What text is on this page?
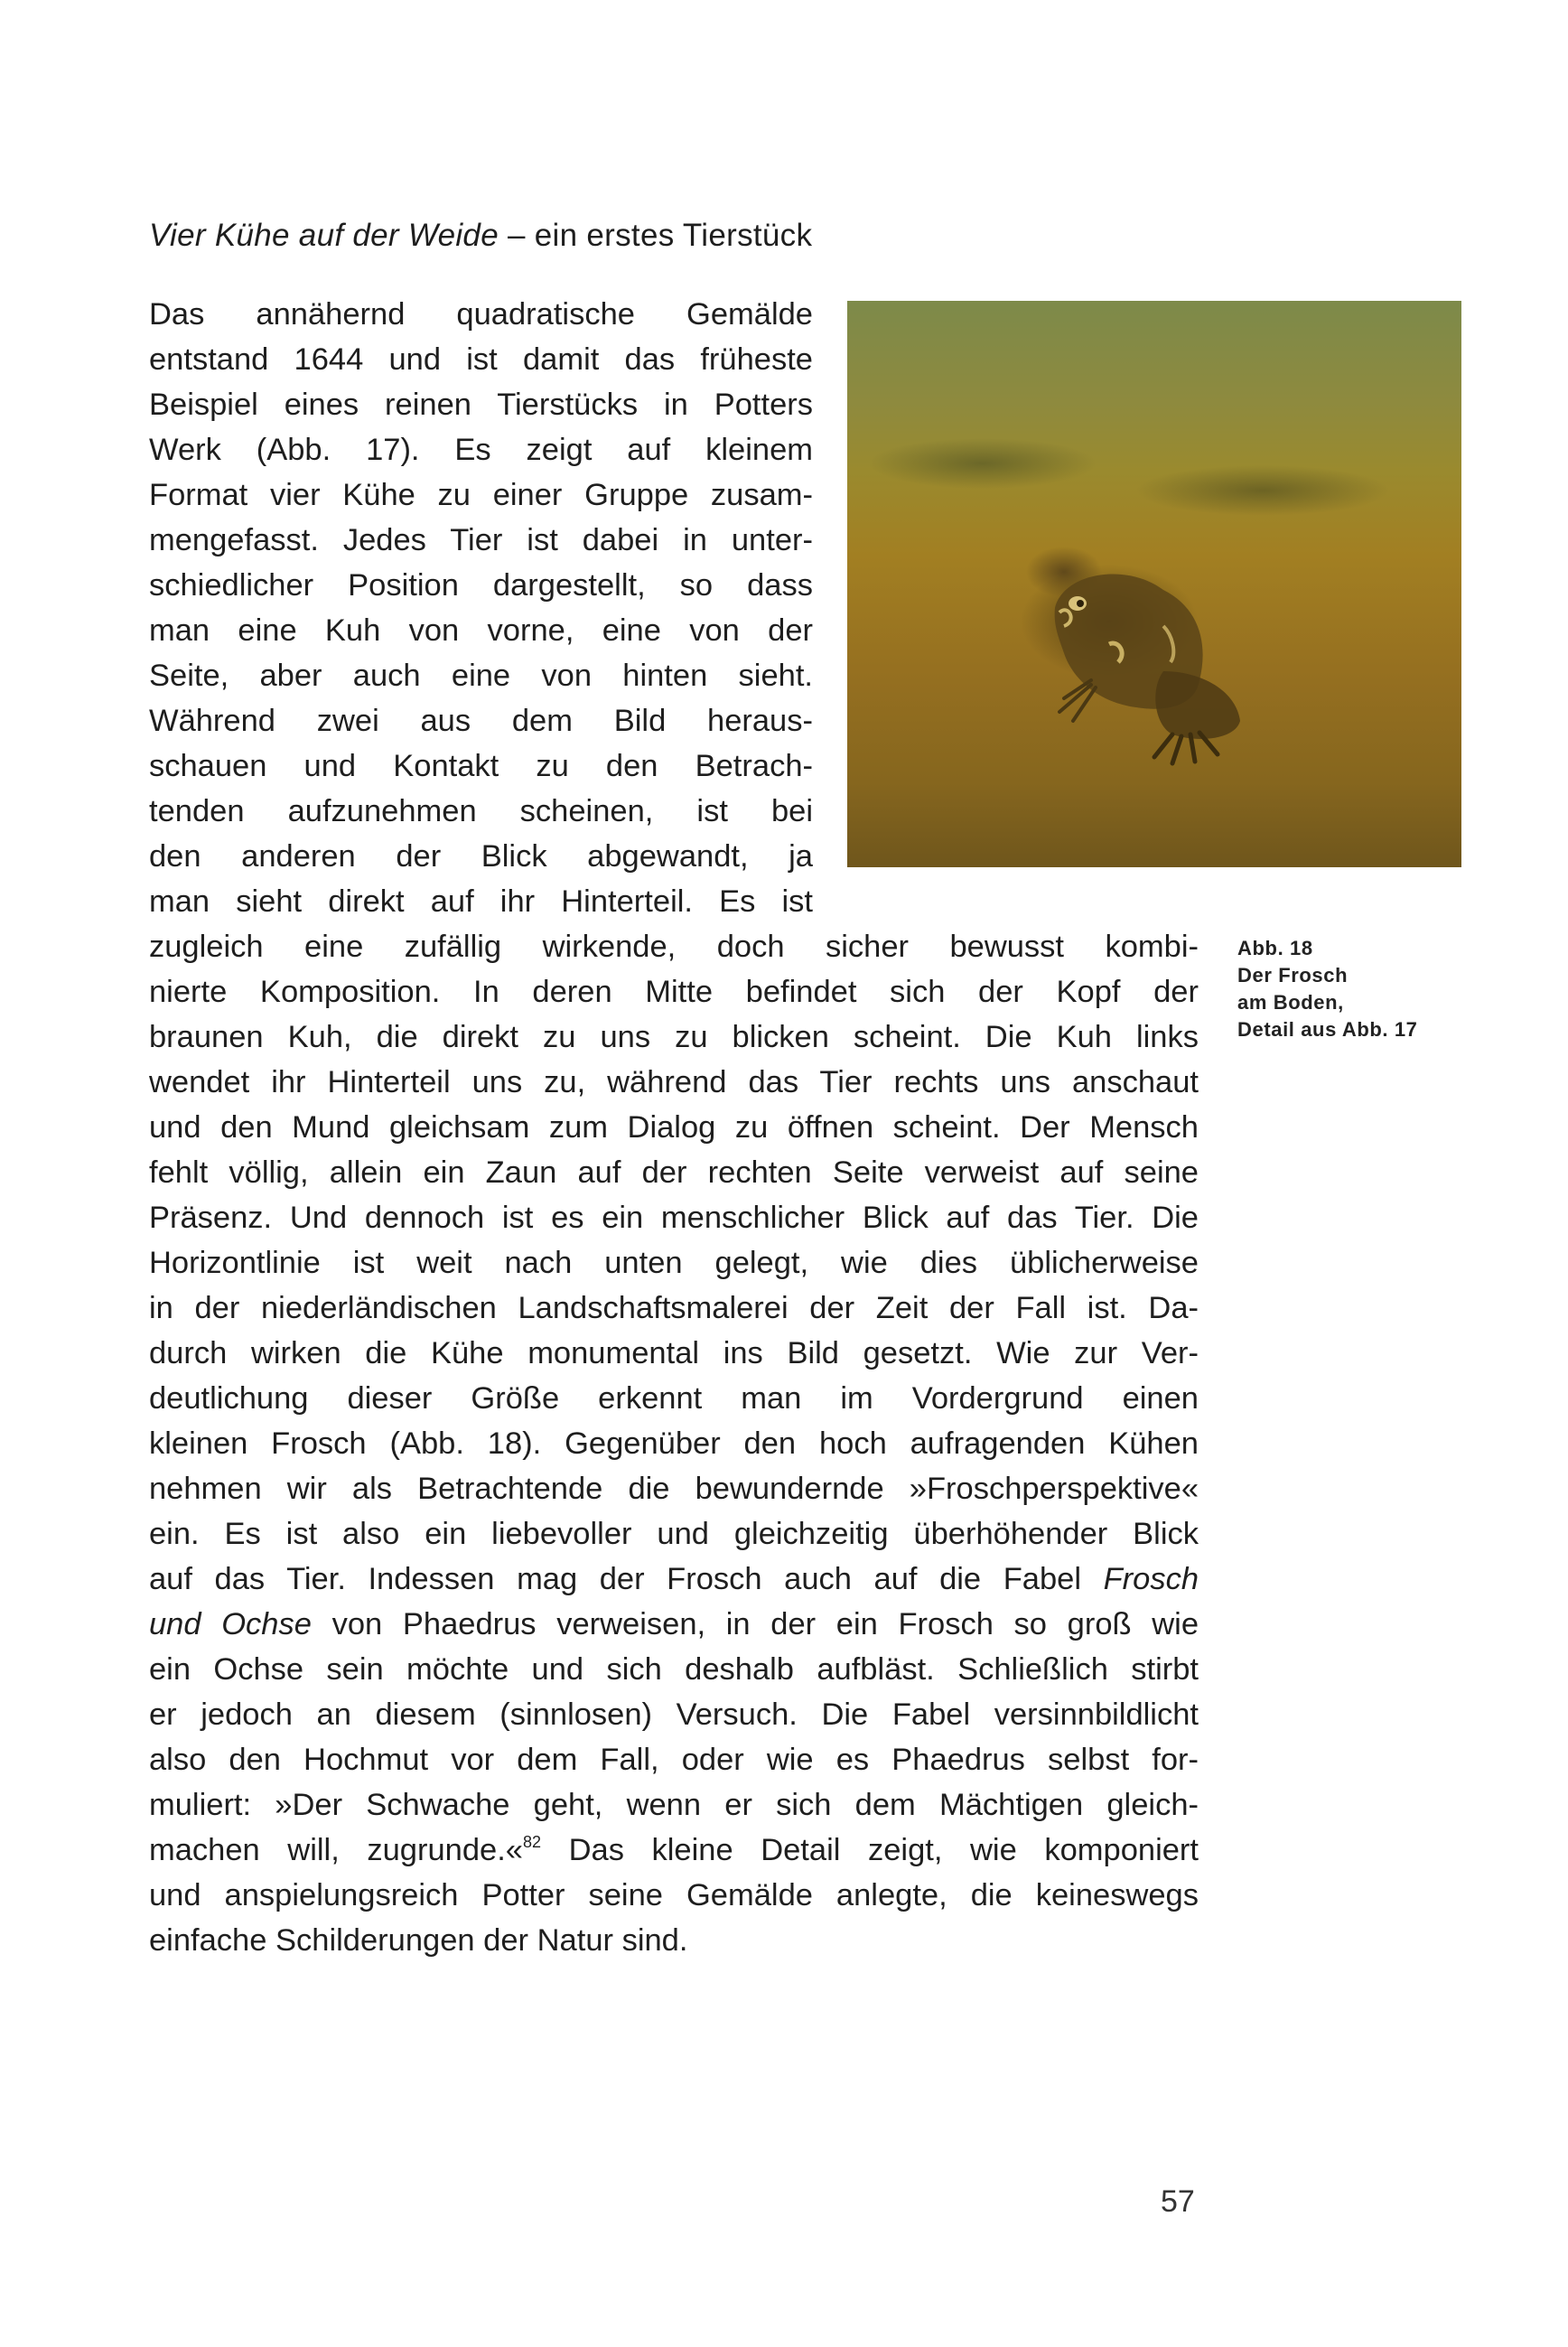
Vier Kühe auf der Weide – ein erstes Tierstück
Das annähernd quadratische Gemälde
entstand 1644 und ist damit das früheste
Beispiel eines reinen Tierstücks in Potters
Werk (Abb. 17). Es zeigt auf kleinem
Format vier Kühe zu einer Gruppe zusam-
mengefasst. Jedes Tier ist dabei in unter-
schiedlicher Position dargestellt, so dass
man eine Kuh von vorne, eine von der
Seite, aber auch eine von hinten sieht.
Während zwei aus dem Bild heraus-
schauen und Kontakt zu den Betrach-
tenden aufzunehmen scheinen, ist bei
den anderen der Blick abgewandt, ja
man sieht direkt auf ihr Hinterteil. Es ist
zugleich eine zufällig wirkende, doch sicher bewusst kombi-
nierte Komposition. In deren Mitte befindet sich der Kopf der
braunen Kuh, die direkt zu uns zu blicken scheint. Die Kuh links
wendet ihr Hinterteil uns zu, während das Tier rechts uns anschaut
und den Mund gleichsam zum Dialog zu öffnen scheint. Der Mensch
fehlt völlig, allein ein Zaun auf der rechten Seite verweist auf seine
Präsenz. Und dennoch ist es ein menschlicher Blick auf das Tier. Die
Horizontlinie ist weit nach unten gelegt, wie dies üblicherweise
in der niederländischen Landschaftsmalerei der Zeit der Fall ist. Da-
durch wirken die Kühe monumental ins Bild gesetzt. Wie zur Ver-
deutlichung dieser Größe erkennt man im Vordergrund einen
kleinen Frosch (Abb. 18). Gegenüber den hoch aufragenden Kühen
nehmen wir als Betrachtende die bewundernde »Froschperspektive«
ein. Es ist also ein liebevoller und gleichzeitig überhöhender Blick
auf das Tier. Indessen mag der Frosch auch auf die Fabel Frosch
und Ochse von Phaedrus verweisen, in der ein Frosch so groß wie
ein Ochse sein möchte und sich deshalb aufbläst. Schließlich stirbt
er jedoch an diesem (sinnlosen) Versuch. Die Fabel versinnbildlicht
also den Hochmut vor dem Fall, oder wie es Phaedrus selbst for-
muliert: »Der Schwache geht, wenn er sich dem Mächtigen gleich-
machen will, zugrunde.«$^{82}$ Das kleine Detail zeigt, wie komponiert
und anspielungsreich Potter seine Gemälde anlegte, die keineswegs
einfache Schilderungen der Natur sind.
Abb. 18
Der Frosch
am Boden,
Detail aus Abb. 17
57
